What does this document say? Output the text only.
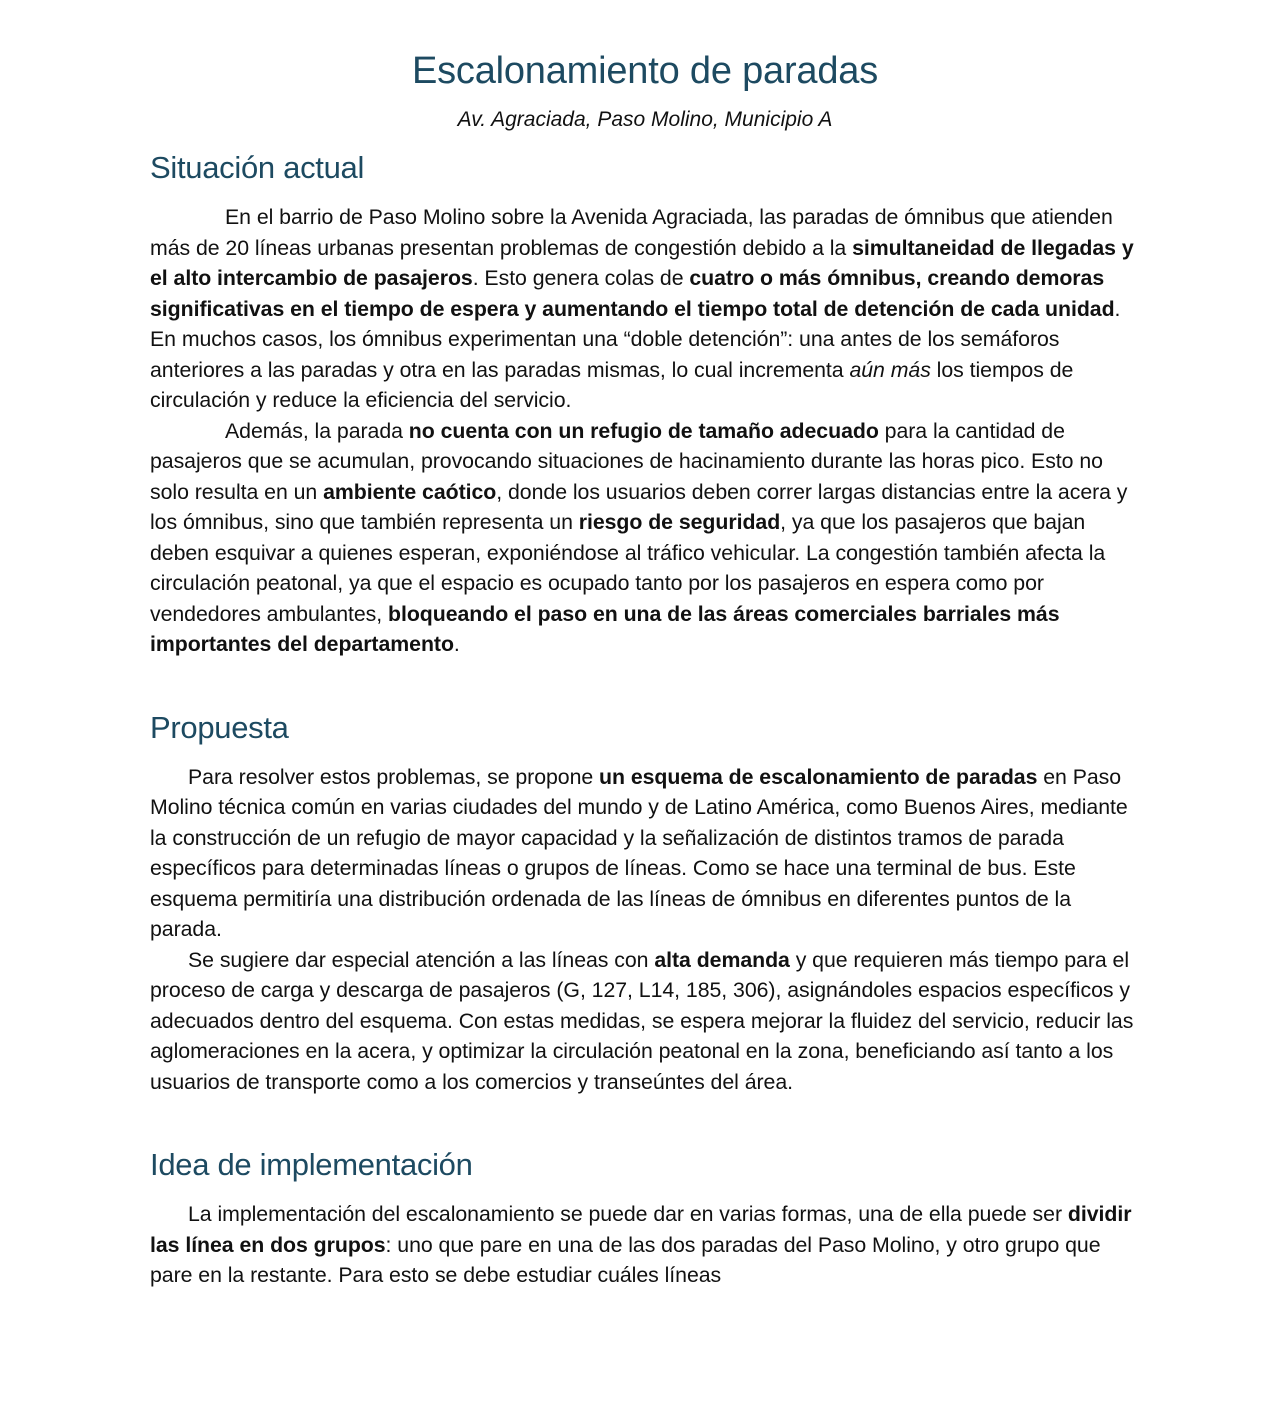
Escalonamiento de paradas
Av. Agraciada, Paso Molino, Municipio A
Situación actual

En el barrio de Paso Molino sobre la Avenida Agraciada, las paradas de ómnibus que atienden más de 20 líneas urbanas presentan problemas de congestión debido a la simultaneidad de llegadas y el alto intercambio de pasajeros. Esto genera colas de cuatro o más ómnibus, creando demoras significativas en el tiempo de espera y aumentando el tiempo total de detención de cada unidad. En muchos casos, los ómnibus experimentan una “doble detención”: una antes de los semáforos anteriores a las paradas y otra en las paradas mismas, lo cual incrementa aún más los tiempos de circulación y reduce la eficiencia del servicio.

Además, la parada no cuenta con un refugio de tamaño adecuado para la cantidad de pasajeros que se acumulan, provocando situaciones de hacinamiento durante las horas pico. Esto no solo resulta en un ambiente caótico, donde los usuarios deben correr largas distancias entre la acera y los ómnibus, sino que también representa un riesgo de seguridad, ya que los pasajeros que bajan deben esquivar a quienes esperan, exponiéndose al tráfico vehicular. La congestión también afecta la circulación peatonal, ya que el espacio es ocupado tanto por los pasajeros en espera como por vendedores ambulantes, bloqueando el paso en una de las áreas comerciales barriales más importantes del departamento.

Propuesta

Para resolver estos problemas, se propone un esquema de escalonamiento de paradas en Paso Molino técnica común en varias ciudades del mundo y de Latino América, como Buenos Aires, mediante la construcción de un refugio de mayor capacidad y la señalización de distintos tramos de parada específicos para determinadas líneas o grupos de líneas. Como se hace una terminal de bus. Este esquema permitiría una distribución ordenada de las líneas de ómnibus en diferentes puntos de la parada.

Se sugiere dar especial atención a las líneas con alta demanda y que requieren más tiempo para el proceso de carga y descarga de pasajeros (G, 127, L14, 185, 306), asignándoles espacios específicos y adecuados dentro del esquema. Con estas medidas, se espera mejorar la fluidez del servicio, reducir las aglomeraciones en la acera, y optimizar la circulación peatonal en la zona, beneficiando así tanto a los usuarios de transporte como a los comercios y transeúntes del área.

Idea de implementación

La implementación del escalonamiento se puede dar en varias formas, una de ella puede ser dividir las línea en dos grupos: uno que pare en una de las dos paradas del Paso Molino, y otro grupo que pare en la restante. Para esto se debe estudiar cuáles líneas
